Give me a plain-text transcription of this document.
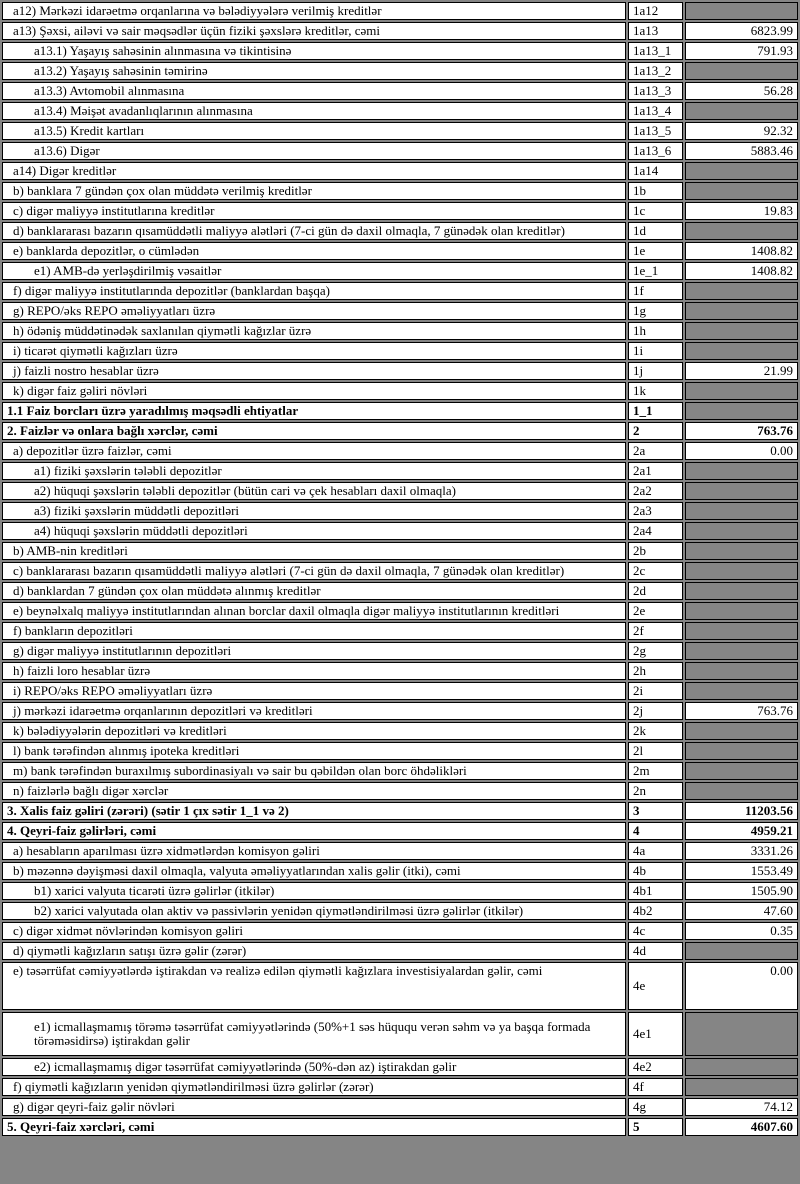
a12) Mərkəzi idarəetmə orqanlarına və bələdiyyələrə verilmiş kreditlər	1a12	
a13) Şəxsi, ailəvi və sair məqsədlər üçün fiziki şəxslərə kreditlər, cəmi	1a13	6823.99
a13.1) Yaşayış sahəsinin alınmasına və tikintisinə	1a13_1	791.93
a13.2) Yaşayış sahəsinin təmirinə	1a13_2	
a13.3) Avtomobil alınmasına	1a13_3	56.28
a13.4) Məişət avadanlıqlarının alınmasına	1a13_4	
a13.5) Kredit kartları	1a13_5	92.32
a13.6) Digər	1a13_6	5883.46
a14) Digər kreditlər	1a14	
b) banklara 7 gündən çox olan müddətə verilmiş kreditlər	1b	
c) digər maliyyə institutlarına kreditlər	1c	19.83
d) banklararası bazarın qısamüddətli maliyyə alətləri (7-ci gün də daxil olmaqla, 7 günədək olan kreditlər)	1d	
e) banklarda depozitlər, o cümlədən	1e	1408.82
e1) AMB-də yerləşdirilmiş vəsaitlər	1e_1	1408.82
f) digər maliyyə institutlarında depozitlər (banklardan başqa)	1f	
g) REPO/əks REPO əməliyyatları üzrə	1g	
h) ödəniş müddətinədək saxlanılan qiymətli kağızlar üzrə	1h	
i) ticarət qiymətli kağızları üzrə	1i	
j) faizli nostro hesablar üzrə	1j	21.99
k) digər faiz gəliri növləri	1k	
1.1 Faiz borcları üzrə yaradılmış məqsədli ehtiyatlar	1_1	
2. Faizlər və onlara bağlı xərclər, cəmi	2	763.76
a) depozitlər üzrə faizlər, cəmi	2a	0.00
a1) fiziki şəxslərin tələbli depozitlər	2a1	
a2) hüquqi şəxslərin tələbli depozitlər (bütün cari və çek hesabları daxil olmaqla)	2a2	
a3) fiziki şəxslərin müddətli depozitləri	2a3	
a4) hüquqi şəxslərin müddətli depozitləri	2a4	
b) AMB-nin kreditləri	2b	
c) banklararası bazarın qısamüddətli maliyyə alətləri (7-ci gün də daxil olmaqla, 7 günədək olan kreditlər)	2c	
d) banklardan 7 gündən çox olan müddətə alınmış kreditlər	2d	
e) beynəlxalq maliyyə institutlarından alınan borclar daxil olmaqla digər maliyyə institutlarının kreditləri	2e	
f) bankların depozitləri	2f	
g) digər maliyyə institutlarının depozitləri	2g	
h) faizli loro hesablar üzrə	2h	
i) REPO/əks REPO əməliyyatları üzrə	2i	
j) mərkəzi idarəetmə orqanlarının depozitləri və kreditləri	2j	763.76
k) bələdiyyələrin depozitləri və kreditləri	2k	
l) bank tərəfindən alınmış ipoteka kreditləri	2l	
m) bank tərəfindən buraxılmış subordinasiyalı və sair bu qəbildən olan borc öhdəlikləri	2m	
n) faizlərlə bağlı digər xərclər	2n	
3. Xalis faiz gəliri (zərəri) (sətir 1 çıx sətir 1_1 və 2)	3	11203.56
4. Qeyri-faiz gəlirləri, cəmi	4	4959.21
a) hesabların aparılması üzrə xidmətlərdən komisyon gəliri	4a	3331.26
b) məzənnə dəyişməsi daxil olmaqla, valyuta əməliyyatlarından xalis gəlir (itki), cəmi	4b	1553.49
b1) xarici valyuta ticarəti üzrə gəlirlər (itkilər)	4b1	1505.90
b2) xarici valyutada olan aktiv və passivlərin yenidən qiymətləndirilməsi üzrə gəlirlər (itkilər)	4b2	47.60
c) digər xidmət növlərindən komisyon gəliri	4c	0.35
d) qiymətli kağızların satışı üzrə gəlir (zərər)	4d	
e) təsərrüfat cəmiyyətlərdə iştirakdan və realizə edilən qiymətli kağızlara investisiyalardan gəlir, cəmi	4e	0.00
e1) icmallaşmamış törəmə təsərrüfat cəmiyyətlərində (50%+1 səs hüququ verən səhm və ya başqa formada törəməsidirsə) iştirakdan gəlir	4e1	
e2) icmallaşmamış digər təsərrüfat cəmiyyətlərində (50%-dən az) iştirakdan gəlir	4e2	
f) qiymətli kağızların yenidən qiymətləndirilməsi üzrə gəlirlər (zərər)	4f	
g) digər qeyri-faiz gəlir növləri	4g	74.12
5. Qeyri-faiz xərcləri, cəmi	5	4607.60
